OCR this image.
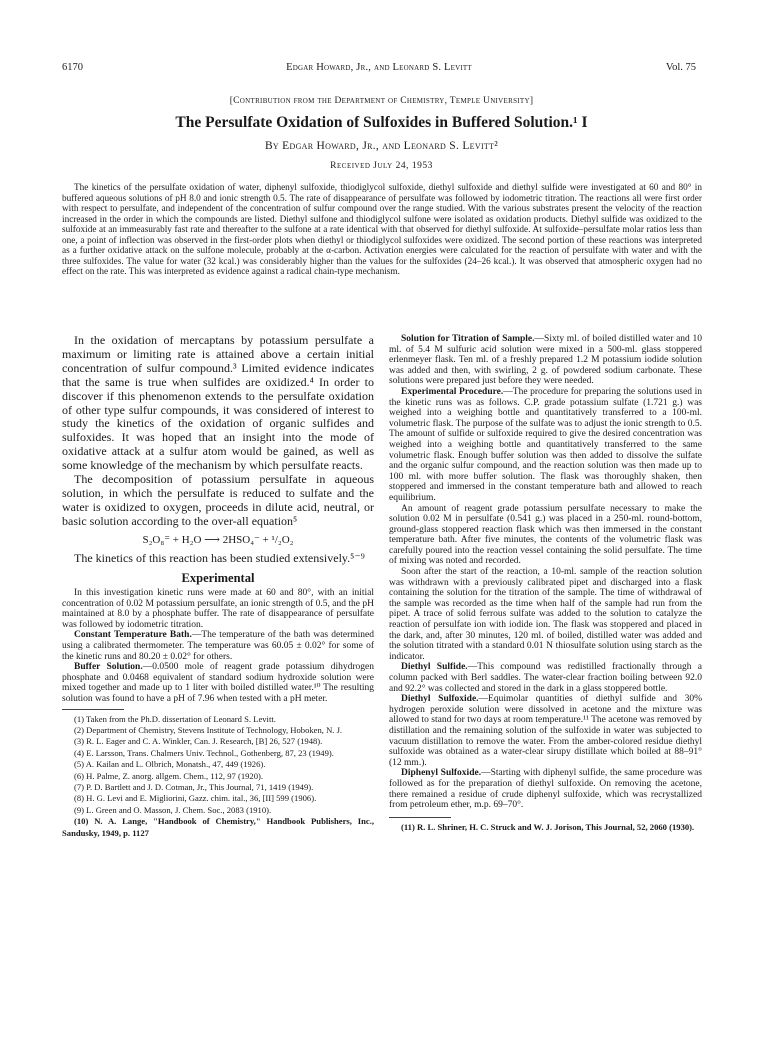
6170	Edgar Howard, Jr., and Leonard S. Levitt	Vol. 75
[Contribution from the Department of Chemistry, Temple University]
The Persulfate Oxidation of Sulfoxides in Buffered Solution.¹ I
By Edgar Howard, Jr., and Leonard S. Levitt²
Received July 24, 1953
The kinetics of the persulfate oxidation of water, diphenyl sulfoxide, thiodiglycol sulfoxide, diethyl sulfoxide and diethyl sulfide were investigated at 60 and 80° in buffered aqueous solutions of pH 8.0 and ionic strength 0.5. The rate of disappearance of persulfate was followed by iodometric titration. The reactions all were first order with respect to persulfate, and independent of the concentration of sulfur compound over the range studied. With the various substrates present the velocity of the reaction increased in the order in which the compounds are listed. Diethyl sulfone and thiodiglycol sulfone were isolated as oxidation products. Diethyl sulfide was oxidized to the sulfoxide at an immeasurably fast rate and thereafter to the sulfone at a rate identical with that observed for diethyl sulfoxide. At sulfoxide–persulfate molar ratios less than one, a point of inflection was observed in the first-order plots when diethyl or thiodiglycol sulfoxides were oxidized. The second portion of these reactions was interpreted as a further oxidative attack on the sulfone molecule, probably at the α-carbon. Activation energies were calculated for the reaction of persulfate with water and with the three sulfoxides. The value for water (32 kcal.) was considerably higher than the values for the sulfoxides (24–26 kcal.). It was observed that atmospheric oxygen had no effect on the rate. This was interpreted as evidence against a radical chain-type mechanism.

In the oxidation of mercaptans by potassium persulfate a maximum or limiting rate is attained above a certain initial concentration of sulfur compound.³ Limited evidence indicates that the same is true when sulfides are oxidized.⁴ In order to discover if this phenomenon extends to the persulfate oxidation of other type sulfur compounds, it was considered of interest to study the kinetics of the oxidation of organic sulfides and sulfoxides. It was hoped that an insight into the mode of oxidative attack at a sulfur atom would be gained, as well as some knowledge of the mechanism by which persulfate reacts.

The decomposition of potassium persulfate in aqueous solution, in which the persulfate is reduced to sulfate and the water is oxidized to oxygen, proceeds in dilute acid, neutral, or basic solution according to the over-all equation⁵

S₂O₈⁼ + H₂O ⟶ 2HSO₄⁻ + ¹/₂O₂

The kinetics of this reaction has been studied extensively.⁵⁻⁹

Experimental

In this investigation kinetic runs were made at 60 and 80°, with an initial concentration of 0.02 M potassium persulfate, an ionic strength of 0.5, and the pH maintained at 8.0 by a phosphate buffer. The rate of disappearance of persulfate was followed by iodometric titration.

Constant Temperature Bath.—The temperature of the bath was determined using a calibrated thermometer. The temperature was 60.05 ± 0.02° for some of the kinetic runs and 80.20 ± 0.02° for others.

Buffer Solution.—0.0500 mole of reagent grade potassium dihydrogen phosphate and 0.0468 equivalent of standard sodium hydroxide solution were mixed together and made up to 1 liter with boiled distilled water.¹⁰ The resulting solution was found to have a pH of 7.96 when tested with a pH meter.

(1) Taken from the Ph.D. dissertation of Leonard S. Levitt.
(2) Department of Chemistry, Stevens Institute of Technology, Hoboken, N. J.
(3) R. L. Eager and C. A. Winkler, Can. J. Research, [B] 26, 527 (1948).
(4) E. Larsson, Trans. Chalmers Univ. Technol., Gothenberg, 87, 23 (1949).
(5) A. Kailan and L. Olbrich, Monatsh., 47, 449 (1926).
(6) H. Palme, Z. anorg. allgem. Chem., 112, 97 (1920).
(7) P. D. Bartlett and J. D. Cotman, Jr., This Journal, 71, 1419 (1949).
(8) H. G. Levi and E. Migliorini, Gazz. chim. ital., 36, [II] 599 (1906).
(9) L. Green and O. Masson, J. Chem. Soc., 2083 (1910).
(10) N. A. Lange, "Handbook of Chemistry," Handbook Publishers, Inc., Sandusky, 1949, p. 1127

Solution for Titration of Sample.—Sixty ml. of boiled distilled water and 10 ml. of 5.4 M sulfuric acid solution were mixed in a 500-ml. glass stoppered erlenmeyer flask. Ten ml. of a freshly prepared 1.2 M potassium iodide solution was added and then, with swirling, 2 g. of powdered sodium carbonate. These solutions were prepared just before they were needed.

Experimental Procedure.—The procedure for preparing the solutions used in the kinetic runs was as follows. C.P. grade potassium sulfate (1.721 g.) was weighed into a weighing bottle and quantitatively transferred to a 100-ml. volumetric flask. The purpose of the sulfate was to adjust the ionic strength to 0.5. The amount of sulfide or sulfoxide required to give the desired concentration was weighed into a weighing bottle and quantitatively transferred to the same volumetric flask. Enough buffer solution was then added to dissolve the sulfate and the organic sulfur compound, and the reaction solution was then made up to 100 ml. with more buffer solution. The flask was thoroughly shaken, then stoppered and immersed in the constant temperature bath and allowed to reach equilibrium.

An amount of reagent grade potassium persulfate necessary to make the solution 0.02 M in persulfate (0.541 g.) was placed in a 250-ml. round-bottom, ground-glass stoppered reaction flask which was then immersed in the constant temperature bath. After five minutes, the contents of the volumetric flask was carefully poured into the reaction vessel containing the solid persulfate. The time of mixing was noted and recorded.

Soon after the start of the reaction, a 10-ml. sample of the reaction solution was withdrawn with a previously calibrated pipet and discharged into a flask containing the solution for the titration of the sample. The time of withdrawal of the sample was recorded as the time when half of the sample had run from the pipet. A trace of solid ferrous sulfate was added to the solution to catalyze the reaction of persulfate ion with iodide ion. The flask was stoppered and placed in the dark, and, after 30 minutes, 120 ml. of boiled, distilled water was added and the solution titrated with a standard 0.01 N thiosulfate solution using starch as the indicator.

Diethyl Sulfide.—This compound was redistilled fractionally through a column packed with Berl saddles. The water-clear fraction boiling between 92.0 and 92.2° was collected and stored in the dark in a glass stoppered bottle.

Diethyl Sulfoxide.—Equimolar quantities of diethyl sulfide and 30% hydrogen peroxide solution were dissolved in acetone and the mixture was allowed to stand for two days at room temperature.¹¹ The acetone was removed by distillation and the remaining solution of the sulfoxide in water was subjected to vacuum distillation to remove the water. From the amber-colored residue diethyl sulfoxide was obtained as a water-clear sirupy distillate which boiled at 88–91° (12 mm.).

Diphenyl Sulfoxide.—Starting with diphenyl sulfide, the same procedure was followed as for the preparation of diethyl sulfoxide. On removing the acetone, there remained a residue of crude diphenyl sulfoxide, which was recrystallized from petroleum ether, m.p. 69–70°.

(11) R. L. Shriner, H. C. Struck and W. J. Jorison, This Journal, 52, 2060 (1930).
